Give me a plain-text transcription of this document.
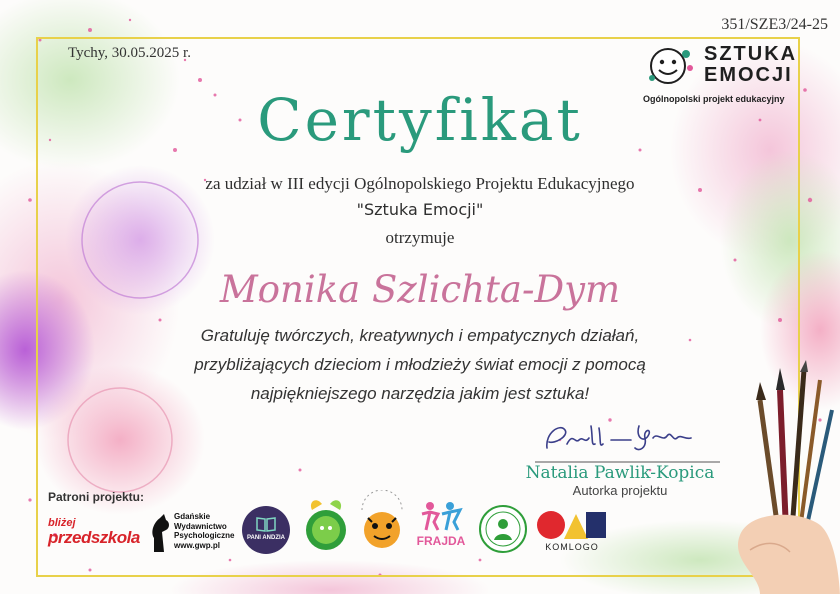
351/SZE3/24-25
Tychy, 30.05.2025 r.	SZTUKA
EMOCJI
Ogólnopolski projekt edukacyjny
Certyfikat
za udział w III edycji Ogólnopolskiego Projektu Edukacyjnego
"Sztuka Emocji"
otrzymuje
Monika Szlichta-Dym
Gratuluję twórczych, kreatywnych i empatycznych działań,
przybliżających dzieciom i młodzieży świat emocji z pomocą
najpiękniejszego narzędzia jakim jest sztuka!
Natalia Pawlik-Kopica
Autorka projektu
Patroni projektu:
bliżej
przedszkola
Gdańskie
Wydawnictwo
Psychologiczne
www.gwp.pl
PANI ANDZIA	FRAJDA	KOMLOGO
